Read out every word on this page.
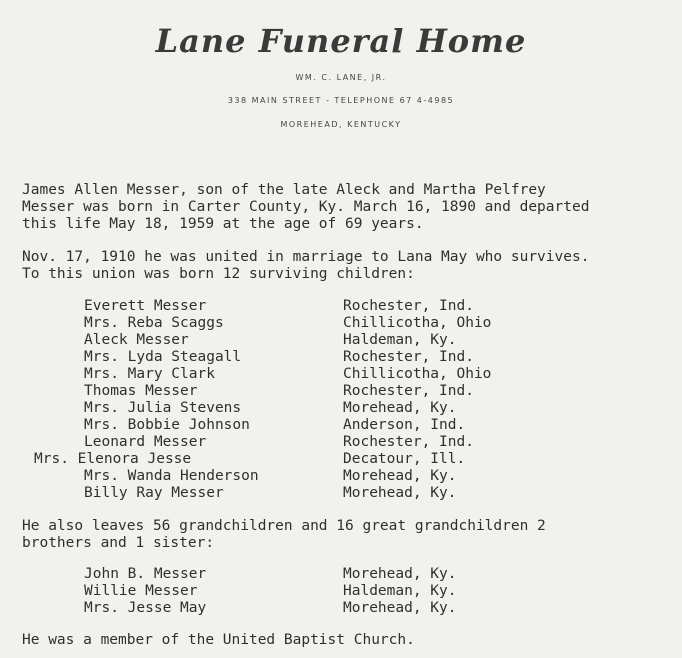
Lane Funeral Home
WM. C. LANE, JR.
338 MAIN STREET - TELEPHONE 67 4-4985
MOREHEAD, KENTUCKY
James Allen Messer, son of the late Aleck and Martha Pelfrey
Messer was born in Carter County, Ky. March 16, 1890 and departed
this life May 18, 1959 at the age of 69 years.
Nov. 17, 1910 he was united in marriage to Lana May who survives.
To this union was born 12 surviving children:
Everett Messer	Rochester, Ind.
Mrs. Reba Scaggs	Chillicotha, Ohio
Aleck Messer	Haldeman, Ky.
Mrs. Lyda Steagall	Rochester, Ind.
Mrs. Mary Clark	Chillicotha, Ohio
Thomas Messer	Rochester, Ind.
Mrs. Julia Stevens	Morehead, Ky.
Mrs. Bobbie Johnson	Anderson, Ind.
Leonard Messer	Rochester, Ind.
Mrs. Elenora Jesse	Decatour, Ill.
Mrs. Wanda Henderson	Morehead, Ky.
Billy Ray Messer	Morehead, Ky.
He also leaves 56 grandchildren and 16 great grandchildren 2
brothers and 1 sister:
John B. Messer	Morehead, Ky.
Willie Messer	Haldeman, Ky.
Mrs. Jesse May	Morehead, Ky.
He was a member of the United Baptist Church.
